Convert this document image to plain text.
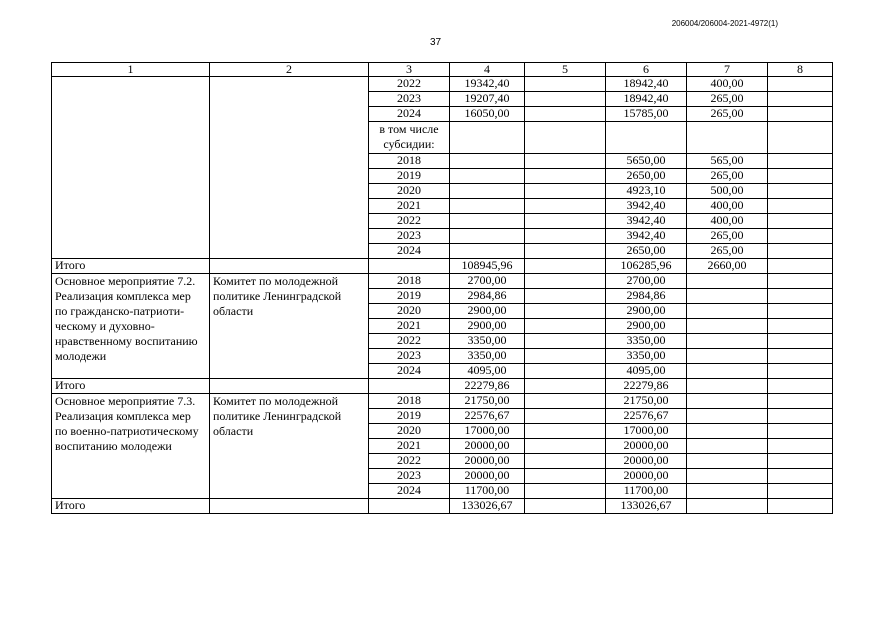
206004/206004-2021-4972(1)
37
1	2	3	4	5	6	7	8
		2022	19342,40		18942,40	400,00	
		2023	19207,40		18942,40	265,00	
		2024	16050,00		15785,00	265,00	
		в том числе субсидии:					
		2018			5650,00	565,00	
		2019			2650,00	265,00	
		2020			4923,10	500,00	
		2021			3942,40	400,00	
		2022			3942,40	400,00	
		2023			3942,40	265,00	
		2024			2650,00	265,00	
Итого			108945,96		106285,96	2660,00	
Основное мероприятие 7.2. Реализация комплекса мер по гражданско-патриоти-ческому и духовно-нравственному воспитанию молодежи	Комитет по молодежной политике Ленинградской области	2018	2700,00		2700,00		
		2019	2984,86		2984,86		
		2020	2900,00		2900,00		
		2021	2900,00		2900,00		
		2022	3350,00		3350,00		
		2023	3350,00		3350,00		
		2024	4095,00		4095,00		
Итого			22279,86		22279,86		
Основное мероприятие 7.3. Реализация комплекса мер по военно-патриотическому воспитанию молодежи	Комитет по молодежной политике Ленинградской области	2018	21750,00		21750,00		
		2019	22576,67		22576,67		
		2020	17000,00		17000,00		
		2021	20000,00		20000,00		
		2022	20000,00		20000,00		
		2023	20000,00		20000,00		
		2024	11700,00		11700,00		
Итого			133026,67		133026,67		
